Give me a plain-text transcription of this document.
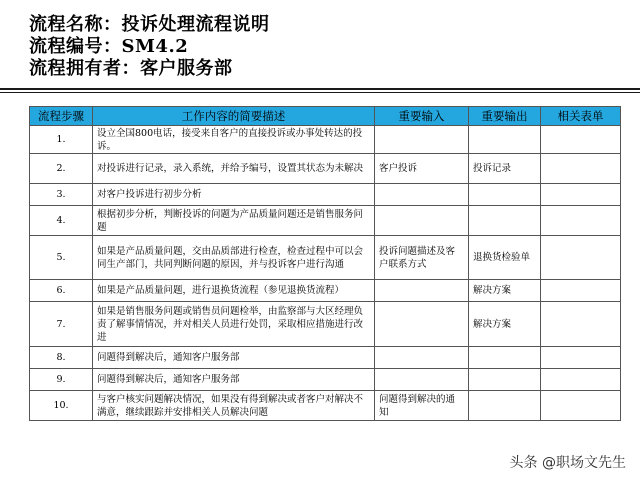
流程名称：投诉处理流程说明
流程编号：SM4.2
流程拥有者：客户服务部
流程步骤	工作内容的简要描述	重要输入	重要输出	相关表单
1.	设立全国800电话，接受来自客户的直接投诉或办事处转达的投诉。			
2.	对投诉进行记录，录入系统，并给予编号，设置其状态为未解决	客户投诉	投诉记录	
3.	对客户投诉进行初步分析			
4.	根据初步分析，判断投诉的问题为产品质量问题还是销售服务问题			
5.	如果是产品质量问题，交由品质部进行检查，检查过程中可以会同生产部门，共同判断问题的原因，并与投诉客户进行沟通	投诉问题描述及客户联系方式	退换货检验单	
6.	如果是产品质量问题，进行退换货流程（参见退换货流程）		解决方案	
7.	如果是销售服务问题或销售员问题检举，由监察部与大区经理负责了解事情情况，并对相关人员进行处罚，采取相应措施进行改进		解决方案	
8.	问题得到解决后，通知客户服务部			
9.	问题得到解决后，通知客户服务部			
10.	与客户核实问题解决情况，如果没有得到解决或者客户对解决不满意，继续跟踪并安排相关人员解决问题	问题得到解决的通知		
头条 @职场文先生
